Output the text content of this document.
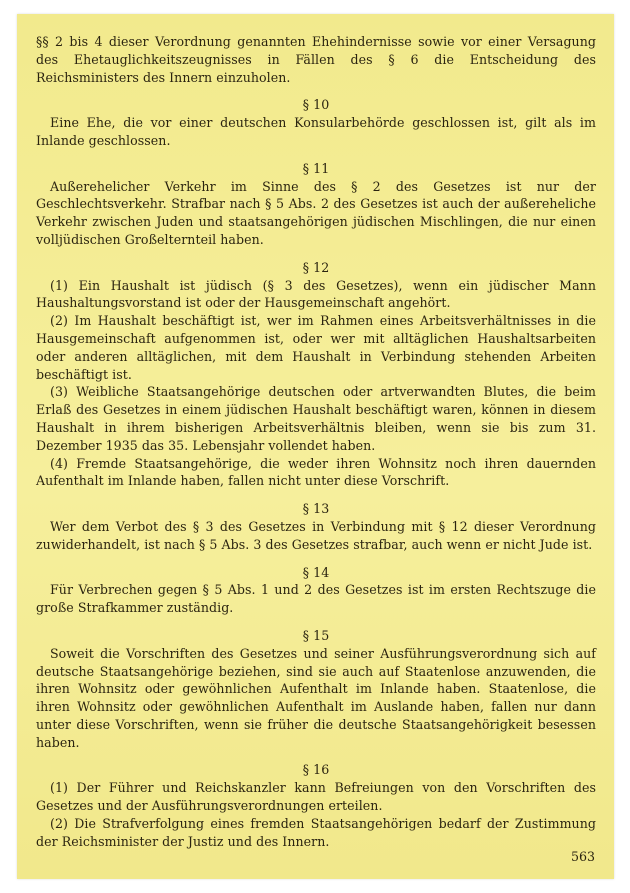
§§ 2 bis 4 dieser Verordnung genannten Ehehindernisse sowie vor einer Versagung des Ehetauglichkeitszeugnisses in Fällen des § 6 die Entscheidung des Reichsministers des Innern einzuholen.

§ 10

Eine Ehe, die vor einer deutschen Konsularbehörde geschlossen ist, gilt als im Inlande geschlossen.

§ 11

Außerehelicher Verkehr im Sinne des § 2 des Gesetzes ist nur der Geschlechtsverkehr. Strafbar nach § 5 Abs. 2 des Gesetzes ist auch der außereheliche Verkehr zwischen Juden und staatsangehörigen jüdischen Mischlingen, die nur einen volljüdischen Großelternteil haben.

§ 12

(1) Ein Haushalt ist jüdisch (§ 3 des Gesetzes), wenn ein jüdischer Mann Haushaltungsvorstand ist oder der Hausgemeinschaft angehört.

(2) Im Haushalt beschäftigt ist, wer im Rahmen eines Arbeitsverhältnisses in die Hausgemeinschaft aufgenommen ist, oder wer mit alltäglichen Haushaltsarbeiten oder anderen alltäglichen, mit dem Haushalt in Verbindung stehenden Arbeiten beschäftigt ist.

(3) Weibliche Staatsangehörige deutschen oder artverwandten Blutes, die beim Erlaß des Gesetzes in einem jüdischen Haushalt beschäftigt waren, können in diesem Haushalt in ihrem bisherigen Arbeitsverhältnis bleiben, wenn sie bis zum 31. Dezember 1935 das 35. Lebensjahr vollendet haben.

(4) Fremde Staatsangehörige, die weder ihren Wohnsitz noch ihren dauernden Aufenthalt im Inlande haben, fallen nicht unter diese Vorschrift.

§ 13

Wer dem Verbot des § 3 des Gesetzes in Verbindung mit § 12 dieser Verordnung zuwiderhandelt, ist nach § 5 Abs. 3 des Gesetzes strafbar, auch wenn er nicht Jude ist.

§ 14

Für Verbrechen gegen § 5 Abs. 1 und 2 des Gesetzes ist im ersten Rechtszuge die große Strafkammer zuständig.

§ 15

Soweit die Vorschriften des Gesetzes und seiner Ausführungsverordnung sich auf deutsche Staatsangehörige beziehen, sind sie auch auf Staatenlose anzuwenden, die ihren Wohnsitz oder gewöhnlichen Aufenthalt im Inlande haben. Staatenlose, die ihren Wohnsitz oder gewöhnlichen Aufenthalt im Auslande haben, fallen nur dann unter diese Vorschriften, wenn sie früher die deutsche Staatsangehörigkeit besessen haben.

§ 16

(1) Der Führer und Reichskanzler kann Befreiungen von den Vorschriften des Gesetzes und der Ausführungsverordnungen erteilen.

(2) Die Strafverfolgung eines fremden Staatsangehörigen bedarf der Zustimmung der Reichsminister der Justiz und des Innern.

563
